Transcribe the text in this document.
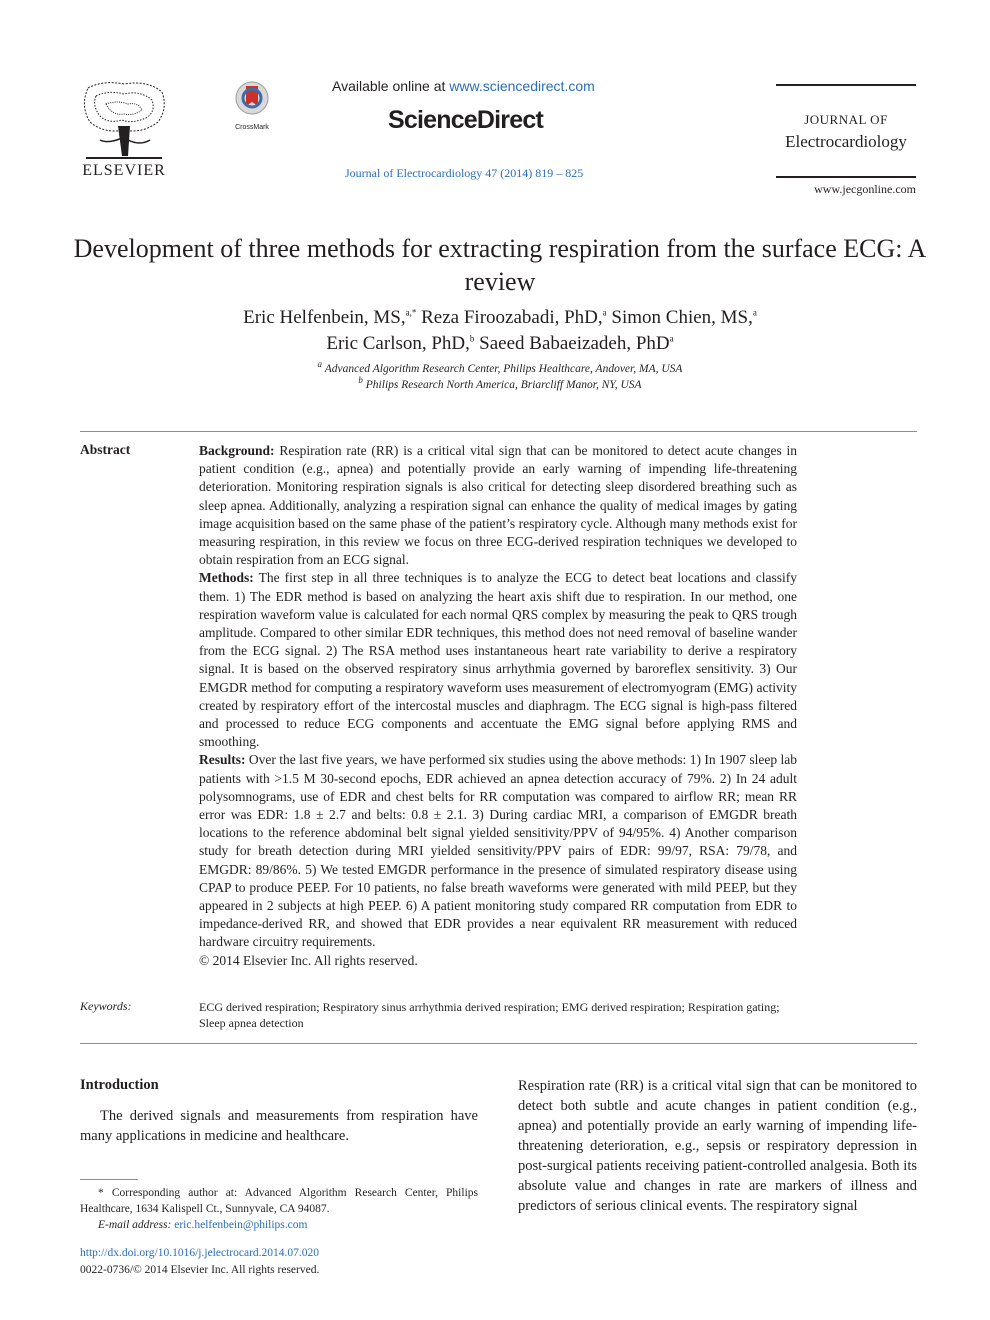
ELSEVIER
CrossMark
Available online at www.sciencedirect.com
ScienceDirect
Journal of Electrocardiology 47 (2014) 819 – 825
JOURNAL OF
Electrocardiology
www.jecgonline.com
Development of three methods for extracting respiration from the surface ECG: A review
Eric Helfenbein, MS,$^{a,*}$ Reza Firoozabadi, PhD,$^a$ Simon Chien, MS,$^a$
Eric Carlson, PhD,$^b$ Saeed Babaeizadeh, PhD$^a$
$^a$ Advanced Algorithm Research Center, Philips Healthcare, Andover, MA, USA
$^b$ Philips Research North America, Briarcliff Manor, NY, USA
Abstract	Background: Respiration rate (RR) is a critical vital sign that can be monitored to detect acute changes in patient condition (e.g., apnea) and potentially provide an early warning of impending life-threatening deterioration. Monitoring respiration signals is also critical for detecting sleep disordered breathing such as sleep apnea. Additionally, analyzing a respiration signal can enhance the quality of medical images by gating image acquisition based on the same phase of the patient’s respiratory cycle. Although many methods exist for measuring respiration, in this review we focus on three ECG-derived respiration techniques we developed to obtain respiration from an ECG signal.

Methods: The first step in all three techniques is to analyze the ECG to detect beat locations and classify them. 1) The EDR method is based on analyzing the heart axis shift due to respiration. In our method, one respiration waveform value is calculated for each normal QRS complex by measuring the peak to QRS trough amplitude. Compared to other similar EDR techniques, this method does not need removal of baseline wander from the ECG signal. 2) The RSA method uses instantaneous heart rate variability to derive a respiratory signal. It is based on the observed respiratory sinus arrhythmia governed by baroreflex sensitivity. 3) Our EMGDR method for computing a respiratory waveform uses measurement of electromyogram (EMG) activity created by respiratory effort of the intercostal muscles and diaphragm. The ECG signal is high-pass filtered and processed to reduce ECG components and accentuate the EMG signal before applying RMS and smoothing.

Results: Over the last five years, we have performed six studies using the above methods: 1) In 1907 sleep lab patients with >1.5 M 30-second epochs, EDR achieved an apnea detection accuracy of 79%. 2) In 24 adult polysomnograms, use of EDR and chest belts for RR computation was compared to airflow RR; mean RR error was EDR: 1.8 ± 2.7 and belts: 0.8 ± 2.1. 3) During cardiac MRI, a comparison of EMGDR breath locations to the reference abdominal belt signal yielded sensitivity/PPV of 94/95%. 4) Another comparison study for breath detection during MRI yielded sensitivity/PPV pairs of EDR: 99/97, RSA: 79/78, and EMGDR: 89/86%. 5) We tested EMGDR performance in the presence of simulated respiratory disease using CPAP to produce PEEP. For 10 patients, no false breath waveforms were generated with mild PEEP, but they appeared in 2 subjects at high PEEP. 6) A patient monitoring study compared RR computation from EDR to impedance-derived RR, and showed that EDR provides a near equivalent RR measurement with reduced hardware circuitry requirements.

© 2014 Elsevier Inc. All rights reserved.

Keywords:	ECG derived respiration; Respiratory sinus arrhythmia derived respiration; EMG derived respiration; Respiration gating; Sleep apnea detection
Introduction
The derived signals and measurements from respiration have many applications in medicine and healthcare.
* Corresponding author at: Advanced Algorithm Research Center, Philips Healthcare, 1634 Kalispell Ct., Sunnyvale, CA 94087.
E-mail address: eric.helfenbein@philips.com
http://dx.doi.org/10.1016/j.jelectrocard.2014.07.020
0022-0736/© 2014 Elsevier Inc. All rights reserved.
Respiration rate (RR) is a critical vital sign that can be monitored to detect both subtle and acute changes in patient condition (e.g., apnea) and potentially provide an early warning of impending life-threatening deterioration, e.g., sepsis or respiratory depression in post-surgical patients receiving patient-controlled analgesia. Both its absolute value and changes in rate are markers of illness and predictors of serious clinical events. The respiratory signal
